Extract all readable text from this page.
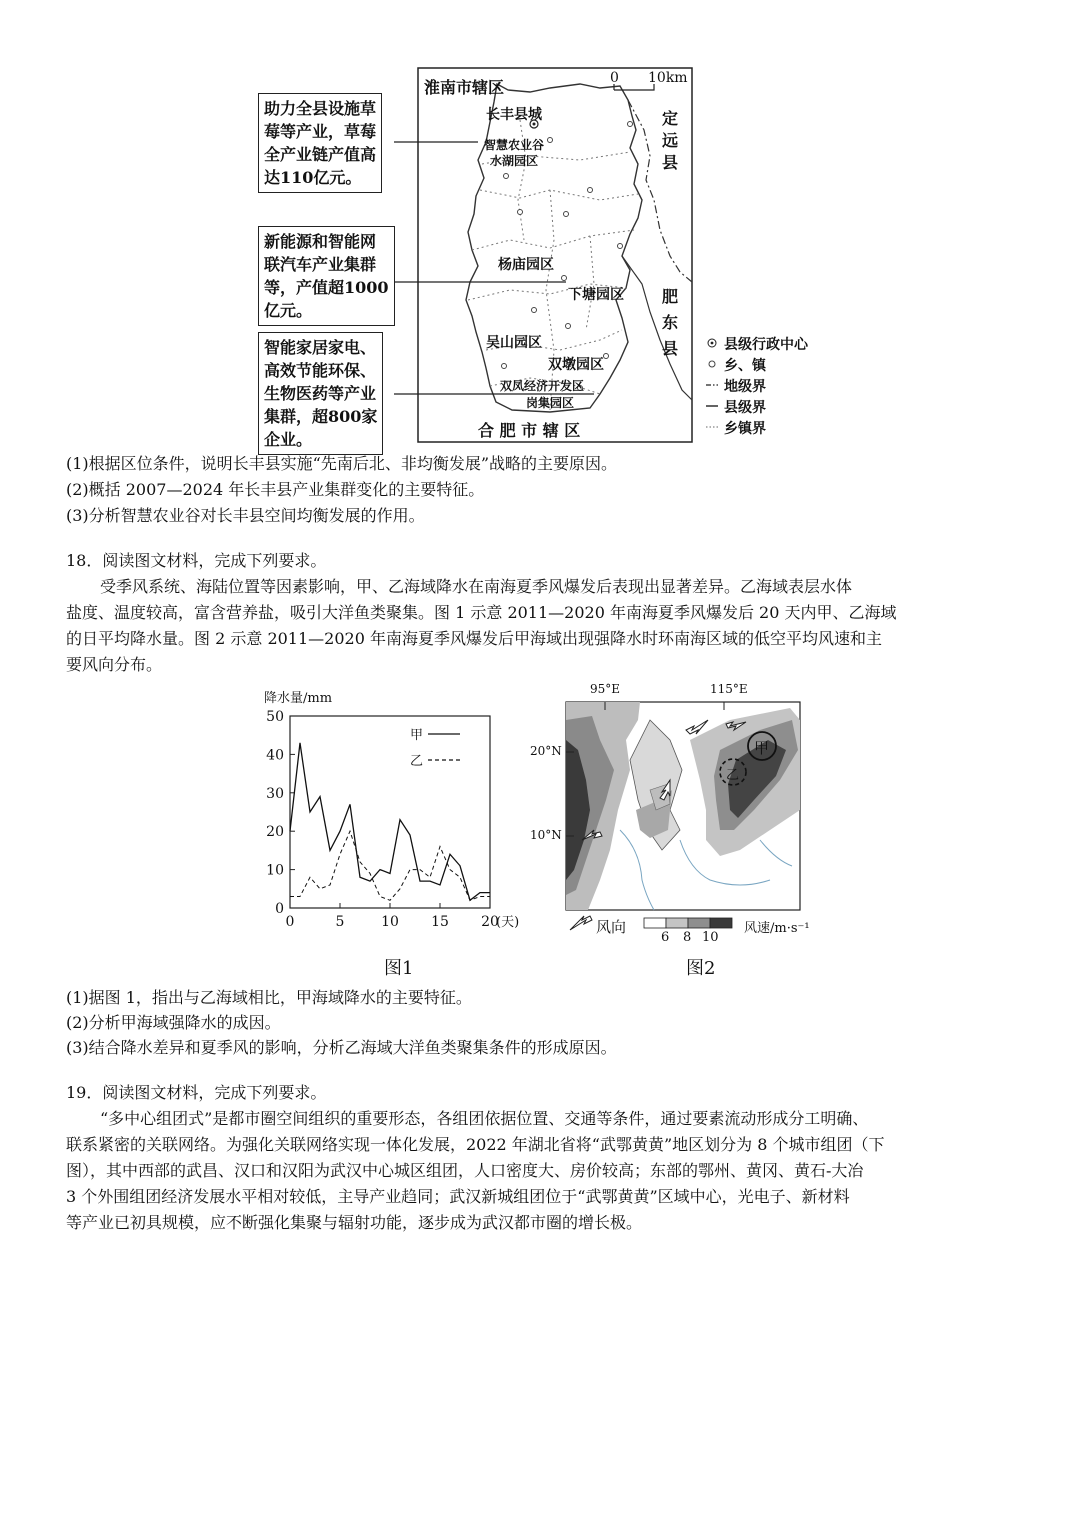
淮南市辖区	0 10km
长丰县城
智慧农业谷
水湖园区
杨庙园区
下塘园区
吴山园区
双墩园区
双凤经济开发区
岗集园区
定远县
肥东县
合 肥 市 辖 区
助力全县设施草
莓等产业，草莓
全产业链产值高
达110亿元。
新能源和智能网
联汽车产业集群
等，产值超1000
亿元。
智能家居家电、
高效节能环保、
生物医药等产业
集群，超800家
企业。
县级行政中心
乡、镇
地级界
县级界
乡镇界
(1)根据区位条件，说明长丰县实施“先南后北、非均衡发展”战略的主要原因。
(2)概括 2007—2024 年长丰县产业集群变化的主要特征。
(3)分析智慧农业谷对长丰县空间均衡发展的作用。
18．阅读图文材料，完成下列要求。
受季风系统、海陆位置等因素影响，甲、乙海域降水在南海夏季风爆发后表现出显著差异。乙海域表层水体
盐度、温度较高，富含营养盐，吸引大洋鱼类聚集。图 1 示意 2011—2020 年南海夏季风爆发后 20 天内甲、乙海域
的日平均降水量。图 2 示意 2011—2020 年南海夏季风爆发后甲海域出现强降水时环南海区域的低空平均风速和主
要风向分布。
0
10
20
30
40
50
0	5	10 15 20
(天)
降水量/mm
甲
乙
图1
95°E	115°E
20°N
10°N
甲
乙
风向
6 8 10
风速/m·s⁻¹
图2
(1)据图 1，指出与乙海域相比，甲海域降水的主要特征。
(2)分析甲海域强降水的成因。
(3)结合降水差异和夏季风的影响，分析乙海域大洋鱼类聚集条件的形成原因。
19．阅读图文材料，完成下列要求。
“多中心组团式”是都市圈空间组织的重要形态，各组团依据位置、交通等条件，通过要素流动形成分工明确、
联系紧密的关联网络。为强化关联网络实现一体化发展，2022 年湖北省将“武鄂黄黄”地区划分为 8 个城市组团（下
图），其中西部的武昌、汉口和汉阳为武汉中心城区组团，人口密度大、房价较高；东部的鄂州、黄冈、黄石-大冶
3 个外围组团经济发展水平相对较低，主导产业趋同；武汉新城组团位于“武鄂黄黄”区域中心，光电子、新材料
等产业已初具规模，应不断强化集聚与辐射功能，逐步成为武汉都市圈的增长极。
